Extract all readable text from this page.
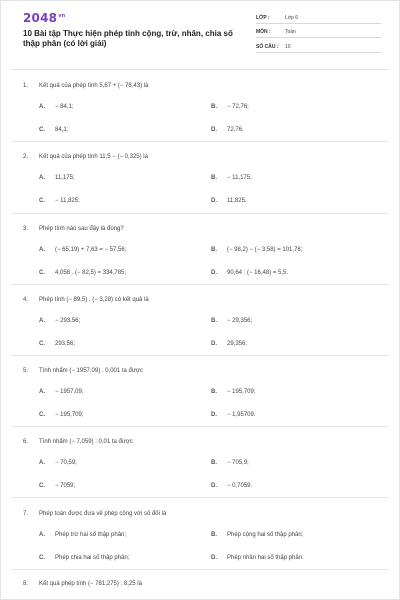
$2048^{vn}$
10 Bài tập Thực hiện phép tính cộng, trừ, nhân, chia số thập phân (có lời giải)
LỚP :	Lớp 6
MÔN :	Toán
SỐ CÂU : 10
1. Kết quả của phép tính 5,67 + (− 78,43) là
A. − 84,1;	B. − 72,76;
C. 84,1;	D. 72,76.
2. Kết quả của phép tính 11,5 − (− 0,325) là
A. 11,175;	B. − 11,175;
C. − 11,825;	D. 11,825.
3. Phép tính nào sau đây là đúng?
A. (− 65,19) + 7,63 = − 57,56;	B. (− 98,2) − (− 3,58) = 101,78;
C. 4,058 . (− 82,5) = 334,785;	D. 90,64 : (− 16,48) = 5,5.
4. Phép tính (− 89,5) . (− 3,28) có kết quả là
A. − 293,56;	B. − 29,356;
C. 293,56;	D. 29,356.
5. Tính nhẩm (− 1957,09) . 0,001 ta được
A. − 1957,09;	B. − 195,709;
C. − 195,709;	D. − 1,95709.
6. Tính nhẩm (− 7,059) : 0,01 ta được
A. − 70,59;	B. − 705,9;
C. − 7059;	D. − 0,7059.
7. Phép toán được đưa về phép cộng với số đối là
A. Phép trừ hai số thập phân;	B. Phép cộng hai số thập phân;
C. Phép chia hai số thập phân;	D. Phép nhân hai số thập phân.
8. Kết quả phép tính (− 781,275) : 8,25 là
